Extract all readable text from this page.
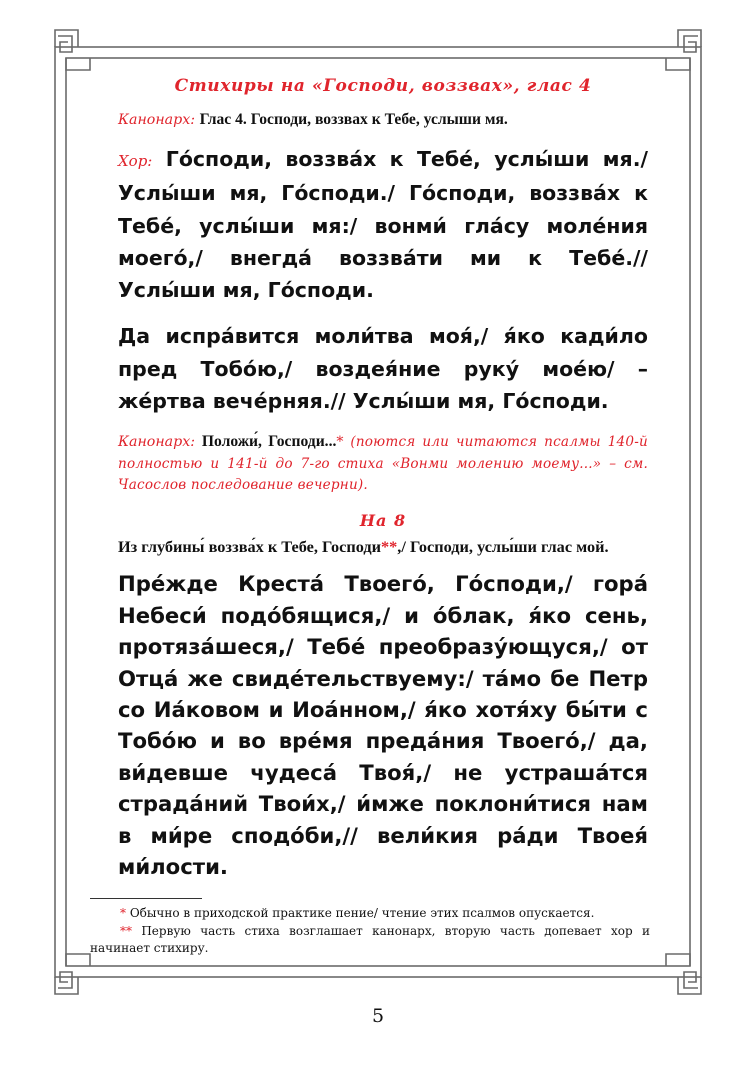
Стихиры на «Господи, воззвах», глас 4

Канонарх: Глас 4. Господи, воззвах к Тебе, услыши мя.

Хор: Го́споди, воззва́х к Тебе́, услы́ши мя./ Услы́ши мя, Го́споди./ Го́споди, воззва́х к Тебе́, услы́ши мя:/ вонми́ гла́су моле́ния моего́,/ внегда́ воззва́ти ми к Тебе́.// Услы́ши мя, Го́споди.

Да испра́вится моли́тва моя́,/ я́ко кади́ло пред Тобо́ю,/ воздея́ние руку́ мое́ю/ – же́ртва вече́рняя.// Услы́ши мя, Го́споди.

Канонарх: Положи́, Господи...* (поются или читаются псалмы 140-й полностью и 141-й до 7-го стиха «Вонми молению моему...» – см. Часослов последование вечерни).

На 8

Из глубины́ воззва́х к Тебе, Господи**,/ Господи, услы́ши глас мой.

Пре́жде Креста́ Твоего́, Го́споди,/ гора́ Небеси́ подо́бящися,/ и о́блак, я́ко сень, протяза́шеся,/ Тебе́ преобразу́ющуся,/ от Отца́ же свиде́тельствуему:/ та́мо бе Петр со Иа́ковом и Иоа́нном,/ я́ко хотя́ху бы́ти с Тобо́ю и во вре́мя преда́ния Твоего́,/ да, ви́девше чудеса́ Твоя́,/ не устраша́тся страда́ний Твои́х,/ и́мже поклони́тися нам в ми́ре сподо́би,// вели́кия ра́ди Твоея́ ми́лости.

* Обычно в приходской практике пение/ чтение этих псалмов опускается.

** Первую часть стиха возглашает канонарх, вторую часть допевает хор и начинает стихиру.

5
